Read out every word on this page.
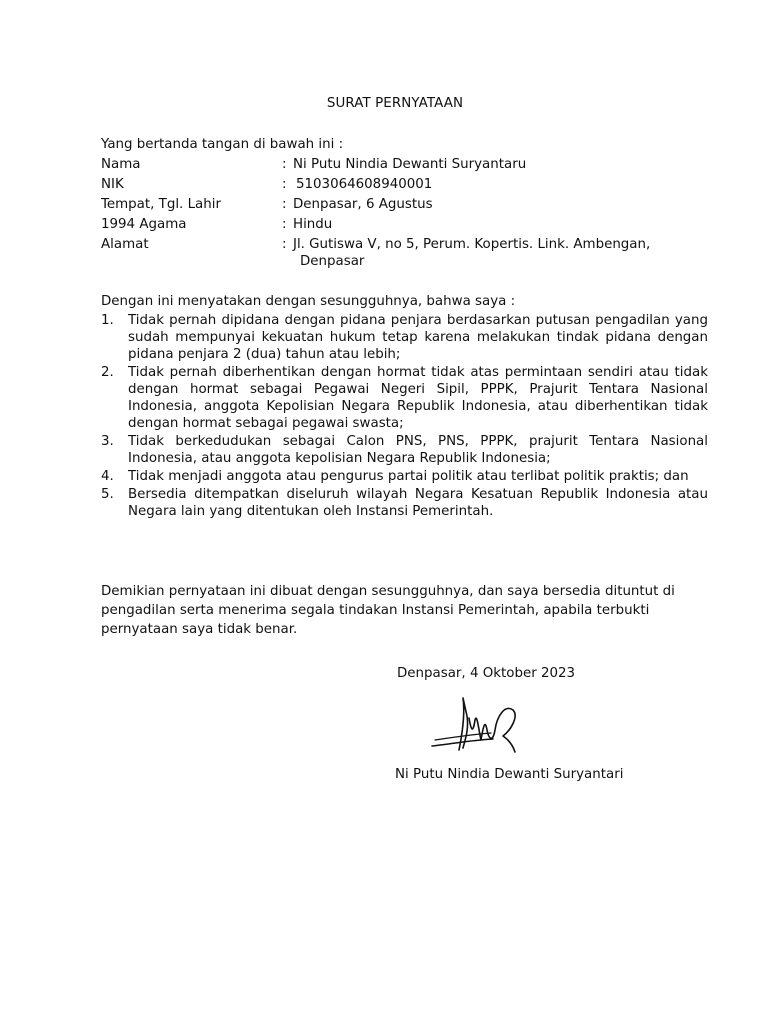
SURAT PERNYATAAN
Yang bertanda tangan di bawah ini :
Nama	: Ni Putu Nindia Dewanti Suryantaru
NIK	: 5103064608940001
Tempat, Tgl. Lahir	: Denpasar, 6 Agustus
1994 Agama	: Hindu
Alamat	: Jl. Gutiswa V, no 5, Perum. Kopertis. Link. Ambengan,
Denpasar
Dengan ini menyatakan dengan sesungguhnya, bahwa saya :
1.	Tidak pernah dipidana dengan pidana penjara berdasarkan putusan pengadilan yang sudah mempunyai kekuatan hukum tetap karena melakukan tindak pidana dengan pidana penjara 2 (dua) tahun atau lebih;
2.	Tidak pernah diberhentikan dengan hormat tidak atas permintaan sendiri atau tidak dengan hormat sebagai Pegawai Negeri Sipil, PPPK, Prajurit Tentara Nasional Indonesia, anggota Kepolisian Negara Republik Indonesia, atau diberhentikan tidak dengan hormat sebagai pegawai swasta;
3.	Tidak berkedudukan sebagai Calon PNS, PNS, PPPK, prajurit Tentara Nasional Indonesia, atau anggota kepolisian Negara Republik Indonesia;
4.	Tidak menjadi anggota atau pengurus partai politik atau terlibat politik praktis; dan
5.	Bersedia ditempatkan diseluruh wilayah Negara Kesatuan Republik Indonesia atau Negara lain yang ditentukan oleh Instansi Pemerintah.
Demikian pernyataan ini dibuat dengan sesungguhnya, dan saya bersedia dituntut di pengadilan serta menerima segala tindakan Instansi Pemerintah, apabila terbukti pernyataan saya tidak benar.
Denpasar, 4 Oktober 2023
Ni Putu Nindia Dewanti Suryantari
